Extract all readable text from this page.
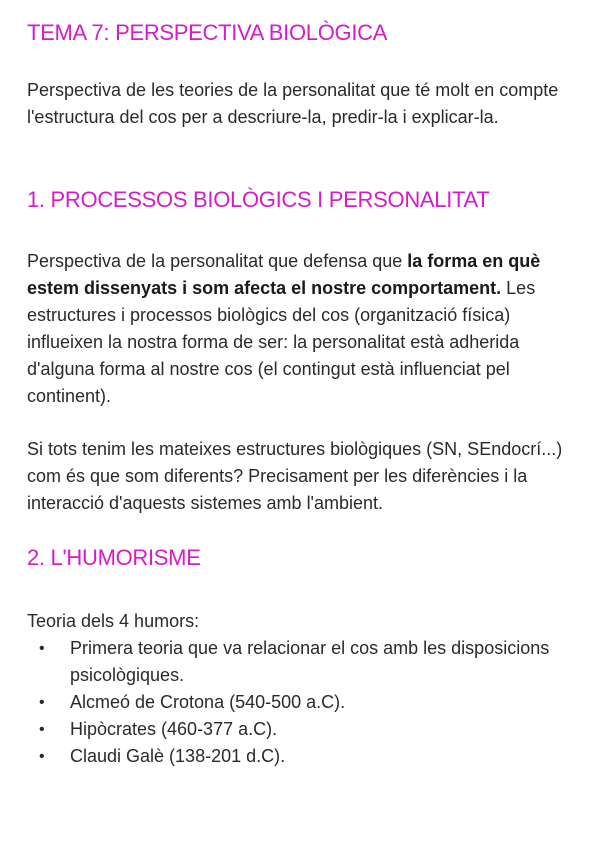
TEMA 7: PERSPECTIVA BIOLÒGICA

Perspectiva de les teories de la personalitat que té molt en compte l'estructura del cos per a descriure-la, predir-la i explicar-la.

1. PROCESSOS BIOLÒGICS I PERSONALITAT

Perspectiva de la personalitat que defensa que la forma en què estem dissenyats i som afecta el nostre comportament. Les estructures i processos biològics del cos (organització física) influeixen la nostra forma de ser: la personalitat està adherida d'alguna forma al nostre cos (el contingut està influenciat pel continent).

Si tots tenim les mateixes estructures biològiques (SN, SEndocrí...) com és que som diferents? Precisament per les diferències i la interacció d'aquests sistemes amb l'ambient.

2. L'HUMORISME

Teoria dels 4 humors:

• Primera teoria que va relacionar el cos amb les disposicions psicològiques.
• Alcmeó de Crotona (540-500 a.C).
• Hipòcrates (460-377 a.C).
• Claudi Galè (138-201 d.C).
